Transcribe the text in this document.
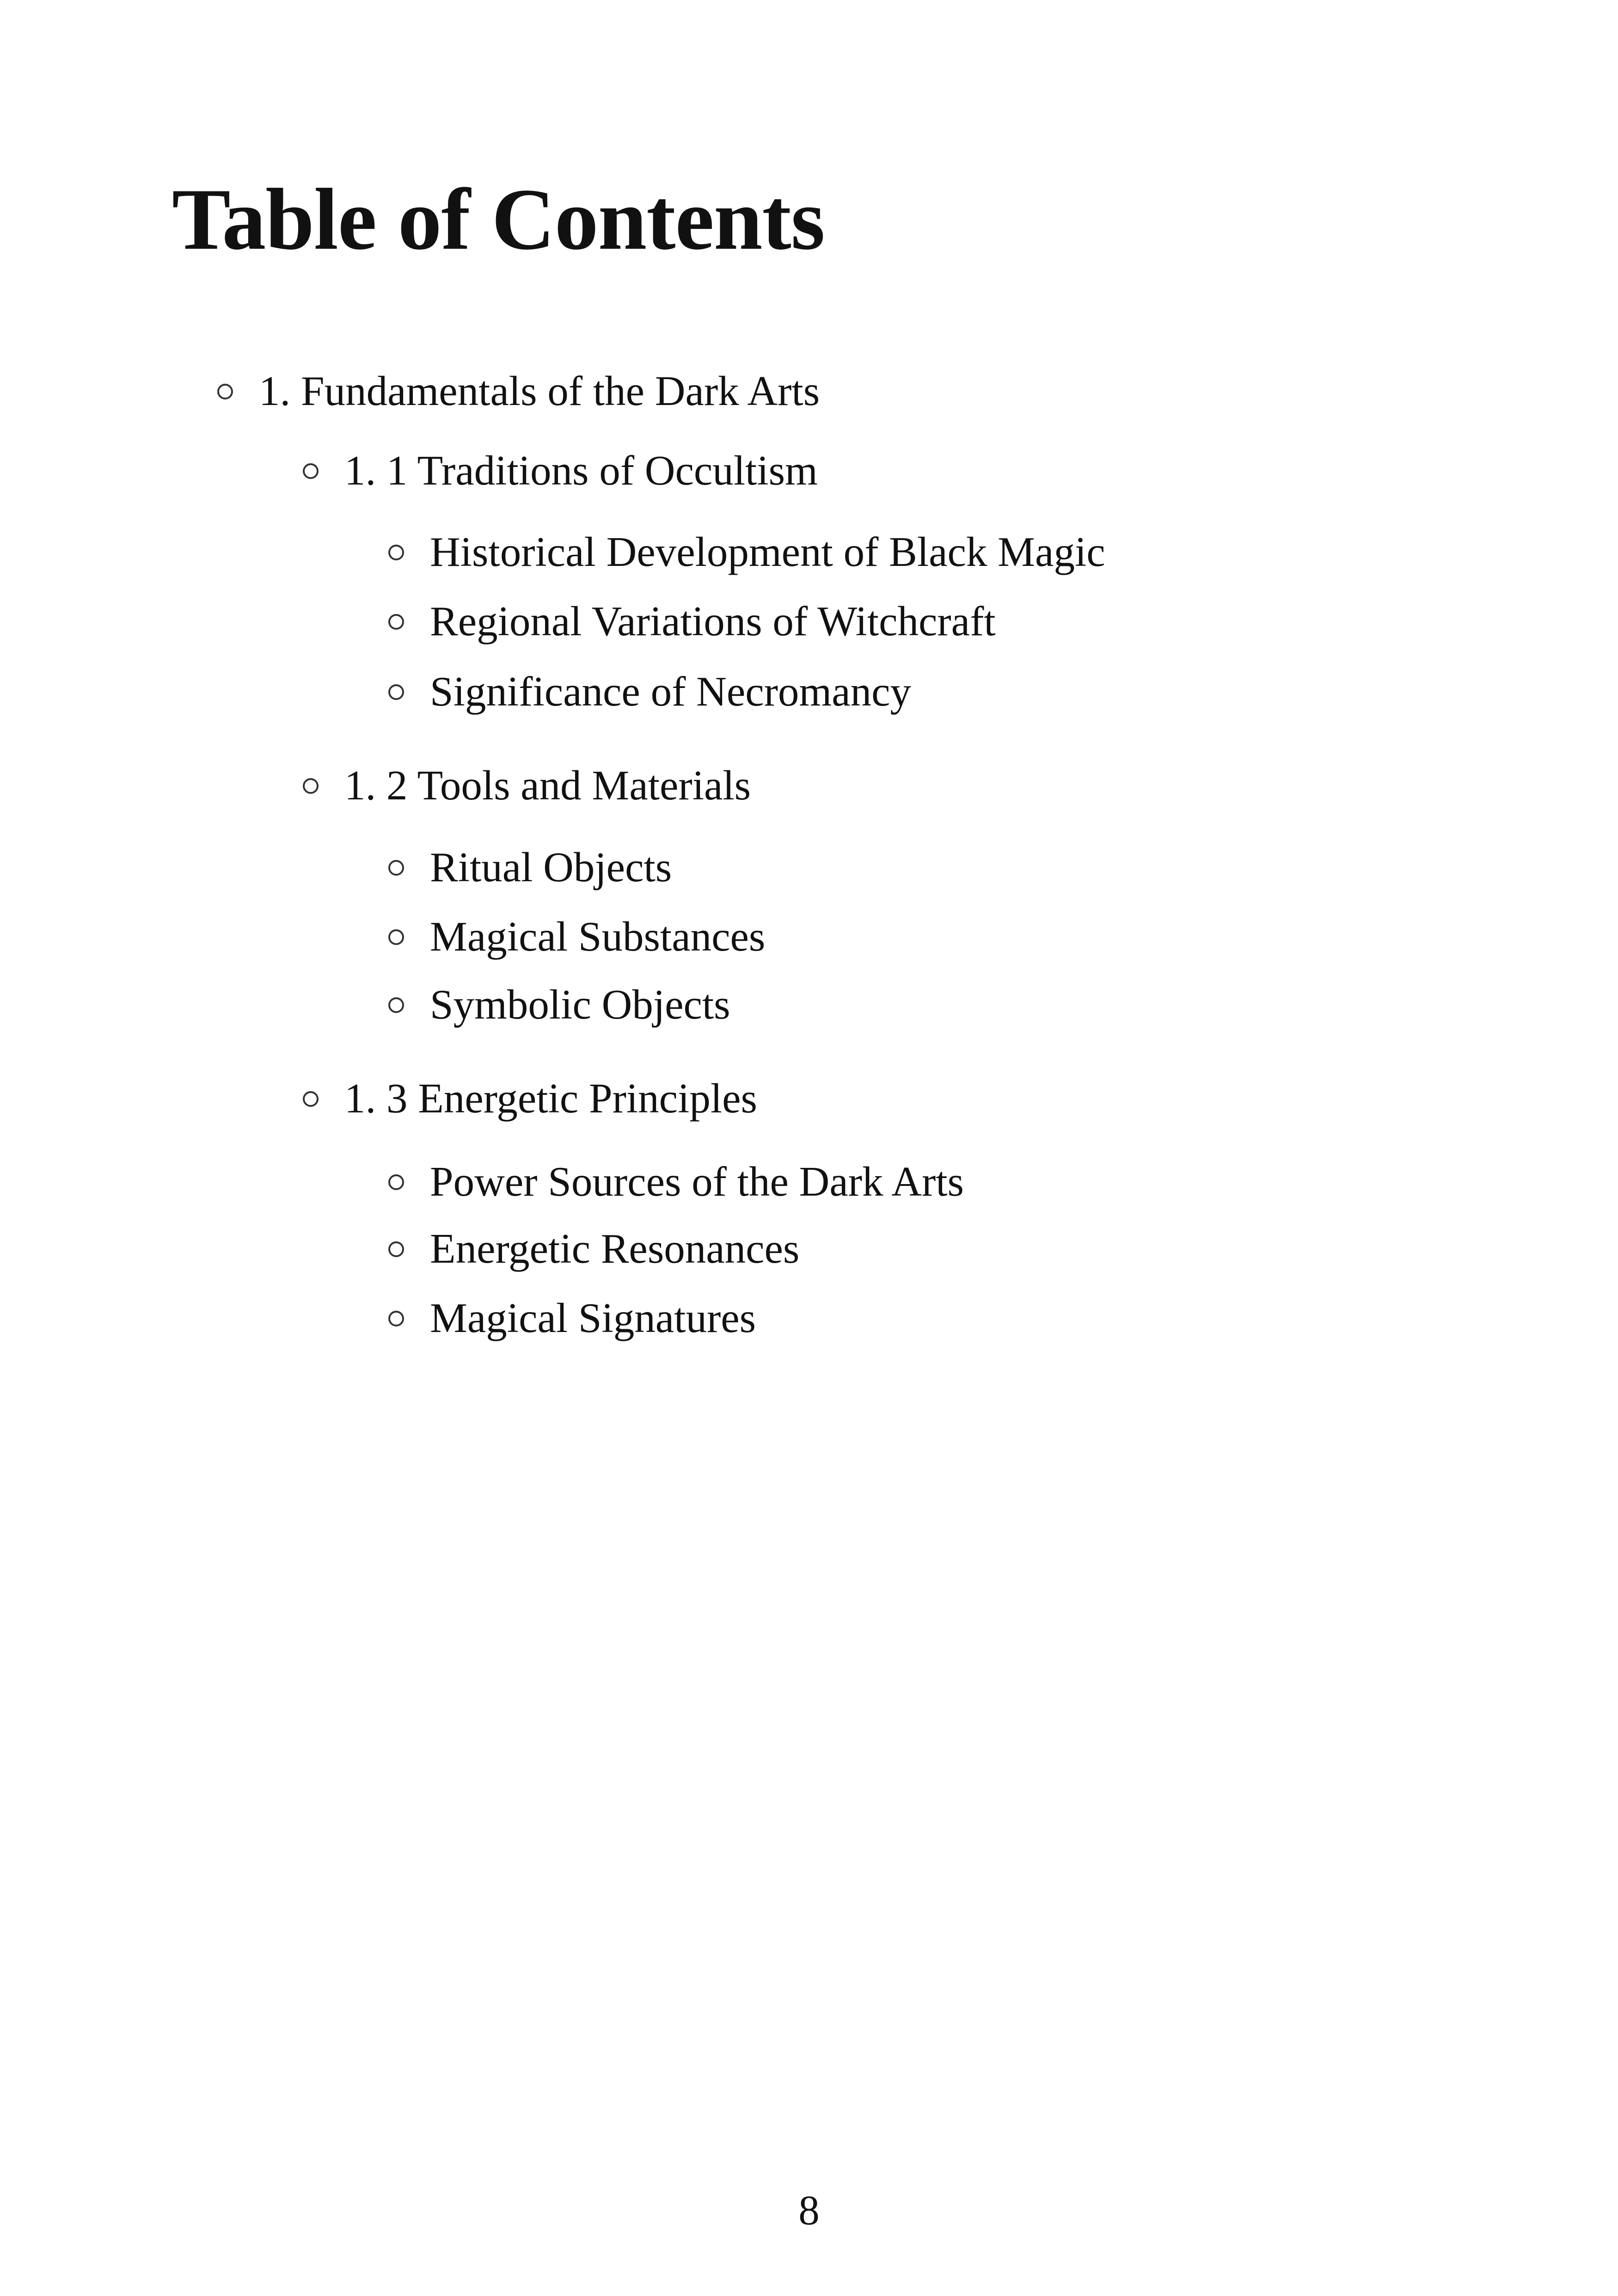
Table of Contents
1. Fundamentals of the Dark Arts
1. 1 Traditions of Occultism
Historical Development of Black Magic
Regional Variations of Witchcraft
Significance of Necromancy
1. 2 Tools and Materials
Ritual Objects
Magical Substances
Symbolic Objects
1. 3 Energetic Principles
Power Sources of the Dark Arts
Energetic Resonances
Magical Signatures
8
